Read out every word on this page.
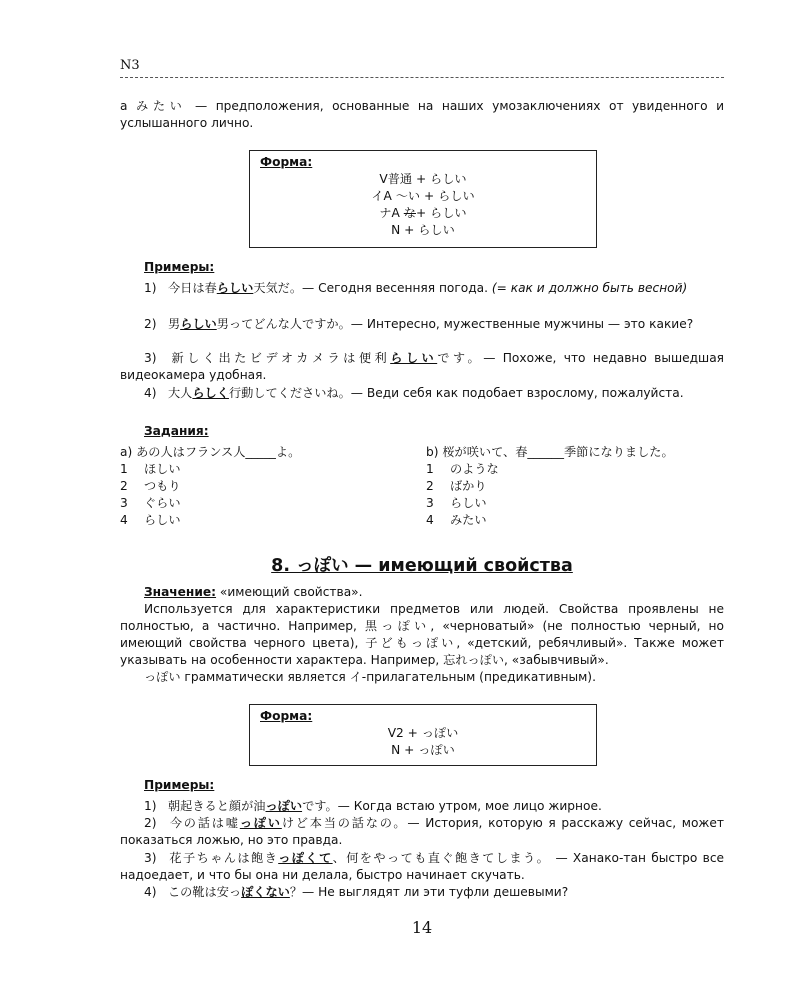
N3
а みたい — предположения, основанные на наших умозаключениях от увиденного и услышанного лично.
Форма:
V普通 + らしい
イA 〜い + らしい
ナA な+ らしい
N + らしい
Примеры:
1) 今日は春らしい天気だ。— Сегодня весенняя погода. (= как и должно быть весной)
2) 男らしい男ってどんな人ですか。— Интересно, мужественные мужчины — это какие?
3) 新しく出たビデオカメラは便利らしいです。— Похоже, что недавно вышедшая видеокамера удобная.
4) 大人らしく行動してくださいね。— Веди себя как подобает взрослому, пожалуйста.
Задания:
a) あの人はフランス人_____よ。
1	ほしい
2	つもり
3	ぐらい
4	らしい
b) 桜が咲いて、春______季節になりました。
1	のような
2	ばかり
3	らしい
4	みたい
8. っぽい — имеющий свойства
Значение: «имеющий свойства».
Используется для характеристики предметов или людей. Свойства проявлены не полностью, а частично. Например, 黒っぽい, «черноватый» (не полностью черный, но имеющий свойства черного цвета), 子どもっぽい, «детский, ребячливый». Также может указывать на особенности характера. Например, 忘れっぽい, «забывчивый».
っぽい грамматически является イ-прилагательным (предикативным).
Форма:
V2 + っぽい
N + っぽい
Примеры:
1) 朝起きると顔が油っぽいです。— Когда встаю утром, мое лицо жирное.
2) 今の話は嘘っぽいけど本当の話なの。— История, которую я расскажу сейчас, может показаться ложью, но это правда.
3) 花子ちゃんは飽きっぽくて、何をやっても直ぐ飽きてしまう。 — Ханако-тан быстро все надоедает, и что бы она ни делала, быстро начинает скучать.
4) この靴は安っぽくない？— Не выглядят ли эти туфли дешевыми?
14
